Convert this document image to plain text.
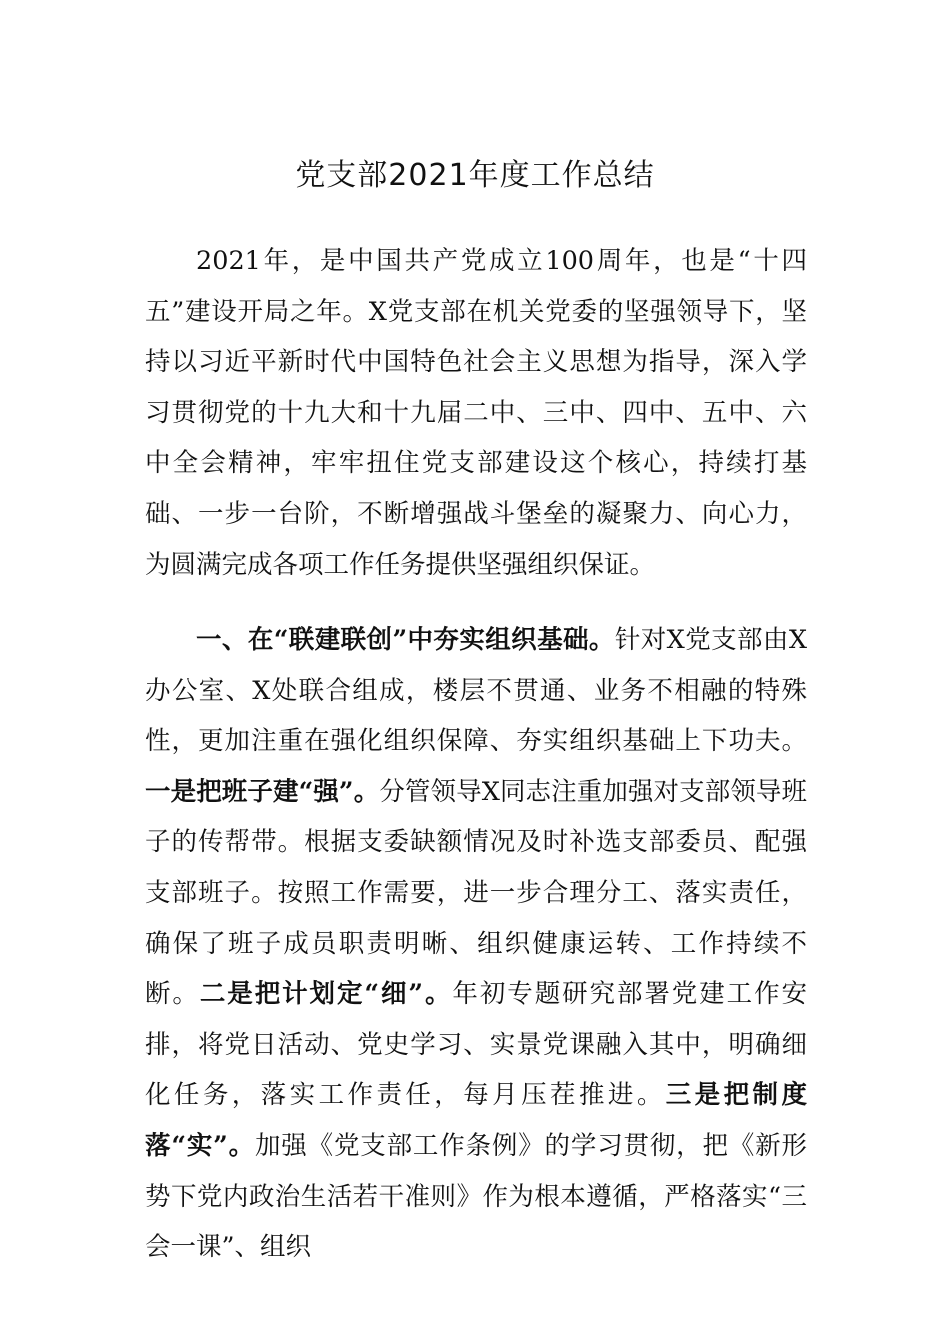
党支部2021年度工作总结

2021年，是中国共产党成立100周年，也是“十四五”建设开局之年。X党支部在机关党委的坚强领导下，坚持以习近平新时代中国特色社会主义思想为指导，深入学习贯彻党的十九大和十九届二中、三中、四中、五中、六中全会精神，牢牢扭住党支部建设这个核心，持续打基础、一步一台阶，不断增强战斗堡垒的凝聚力、向心力，为圆满完成各项工作任务提供坚强组织保证。

一、在“联建联创”中夯实组织基础。针对X党支部由X办公室、X处联合组成，楼层不贯通、业务不相融的特殊性，更加注重在强化组织保障、夯实组织基础上下功夫。一是把班子建“强”。分管领导X同志注重加强对支部领导班子的传帮带。根据支委缺额情况及时补选支部委员、配强支部班子。按照工作需要，进一步合理分工、落实责任，确保了班子成员职责明晰、组织健康运转、工作持续不断。二是把计划定“细”。年初专题研究部署党建工作安排，将党日活动、党史学习、实景党课融入其中，明确细化任务，落实工作责任，每月压茬推进。三是把制度落“实”。加强《党支部工作条例》的学习贯彻，把《新形势下党内政治生活若干准则》作为根本遵循，严格落实“三会一课”、组织
